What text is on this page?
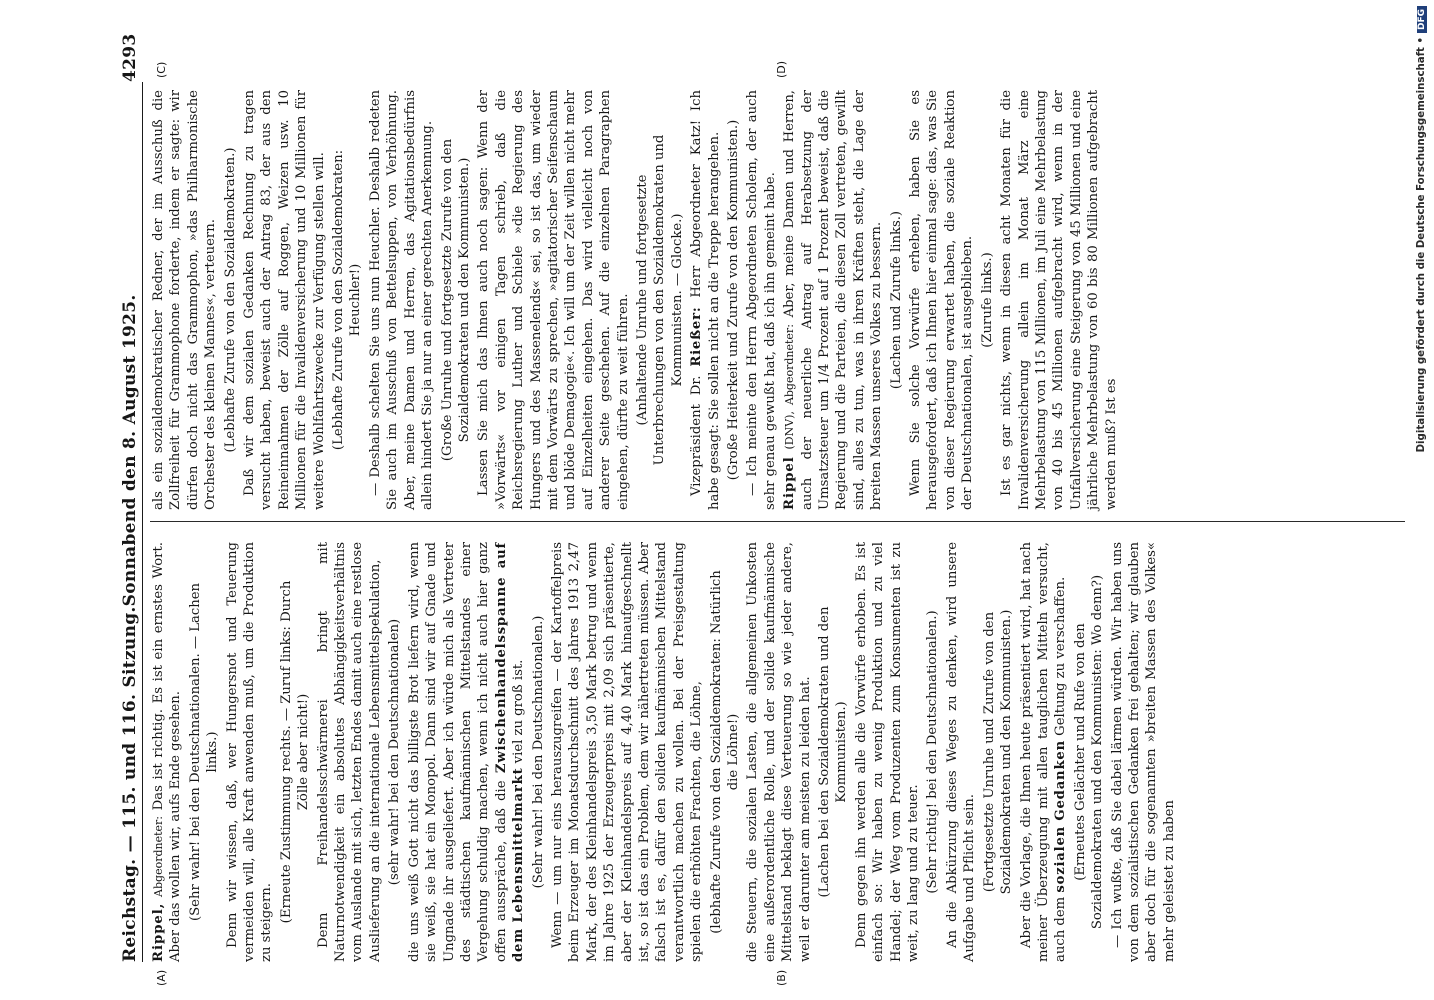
Reichstag. — 115. und 116. Sitzung.
Sonnabend den 8. August 1925.  4293

Rippel, Abgeordneter: Das ist richtig. Es ist ein ernstes Wort. Aber das wollen wir, aufs Ende gesehen. (Sehr wahr! bei den Deutschnationalen. — Lachen links.) Denn wir wissen, daß, wer Hungersnot und Teuerung vermeiden will, alle Kraft anwenden muß, um die Produktion zu steigern. (Erneute Zustimmung rechts. — Zuruf links: Durch Zölle aber nicht!) Denn Freihandelsschwärmerei bringt mit Naturnotwendigkeit ein absolutes Abhängigkeitsverhältnis vom Auslande mit sich, letzten Endes damit auch eine restlose Auslieferung an die internationale Lebensmittelspekulation, (sehr wahr! bei den Deutschnationalen) die uns weiß Gott nicht das billigste Brot liefern wird, wenn sie weiß, sie hat ein Monopol. Dann sind wir auf Gnade und Ungnade ihr ausgeliefert. Aber ich würde mich als Vertreter des städtischen kaufmännischen Mittelstandes einer Vergehung schuldig machen, wenn ich nicht auch hier ganz offen ausspräche, daß die Zwischenhandelsspanne auf dem Lebensmittelmarkt viel zu groß ist. (Sehr wahr! bei den Deutschnationalen.) Wenn — um nur eins herauszugreifen — der Kartoffelpreis beim Erzeuger im Monatsdurchschnitt des Jahres 1913 2,47 Mark, der des Kleinhandelspreis 3,50 Mark betrug und wenn im Jahre 1925 der Erzeugerpreis mit 2,09 sich präsentierte, aber der Kleinhandelspreis auf 4,40 Mark hinaufgeschnellt ist, so ist das ein Problem, dem wir nähertreten müssen. Aber falsch ist es, dafür den soliden kaufmännischen Mittelstand verantwortlich machen zu wollen. Bei der Preisgestaltung spielen die erhöhten Frachten, die Löhne, (lebhafte Zurufe von den Sozialdemokraten: Natürlich die Löhne!) die Steuern, die sozialen Lasten, die allgemeinen Unkosten eine außerordentliche Rolle, und der solide kaufmännische Mittelstand beklagt diese Verteuerung so wie jeder andere, weil er darunter am meisten zu leiden hat. (Lachen bei den Sozialdemokraten und den Kommunisten.) Denn gegen ihn werden alle die Vorwürfe erhoben. Es ist einfach so: Wir haben zu wenig Produktion und zu viel Handel; der Weg vom Produzenten zum Konsumenten ist zu weit, zu lang und zu teuer. (Sehr richtig! bei den Deutschnationalen.) An die Abkürzung dieses Weges zu denken, wird unsere Aufgabe und Pflicht sein. (Fortgesetzte Unruhe und Zurufe von den Sozialdemokraten und den Kommunisten.) Aber die Vorlage, die Ihnen heute präsentiert wird, hat nach meiner Überzeugung mit allen tauglichen Mitteln versucht, auch dem sozialen Gedanken Geltung zu verschaffen. (Erneutes Gelächter und Rufe von den Sozialdemokraten und den Kommunisten: Wo denn?) — Ich wußte, daß Sie dabei lärmen würden. Wir haben uns von dem sozialistischen Gedanken frei gehalten; wir glauben aber doch für die sogenannten »breiten Massen des Volkes« mehr geleistet zu haben

als ein sozialdemokratischer Redner, der im Ausschuß die Zollfreiheit für Grammophone forderte, indem er sagte: wir dürfen doch nicht das Grammophon, »das Philharmonische Orchester des kleinen Mannes«, verteuern. (Lebhafte Zurufe von den Sozialdemokraten.) Daß wir dem sozialen Gedanken Rechnung zu tragen versucht haben, beweist auch der Antrag 83, der aus den Reineinnahmen der Zölle auf Roggen, Weizen usw. 10 Millionen für die Invalidenversicherung und 10 Millionen für weitere Wohlfahrtszwecke zur Verfügung stellen will. (Lebhafte Zurufe von den Sozialdemokraten: Heuchler!) — Deshalb schelten Sie uns nun Heuchler. Deshalb redeten Sie auch im Ausschuß von Bettelsuppen, von Verhöhnung. Aber, meine Damen und Herren, das Agitationsbedürfnis allein hindert Sie ja nur an einer gerechten Anerkennung. (Große Unruhe und fortgesetzte Zurufe von den Sozialdemokraten und den Kommunisten.) Lassen Sie mich das Ihnen auch noch sagen: Wenn der »Vorwärts« vor einigen Tagen schrieb, daß die Reichsregierung Luther und Schiele »die Regierung des Hungers und des Massenelends« sei, so ist das, um wieder mit dem Vorwärts zu sprechen, »agitatorischer Seifenschaum und blöde Demagogie«. Ich will um der Zeit willen nicht mehr auf Einzelheiten eingehen. Das wird vielleicht noch von anderer Seite geschehen. Auf die einzelnen Paragraphen eingehen, dürfte zu weit führen. (Anhaltende Unruhe und fortgesetzte Unterbrechungen von den Sozialdemokraten und Kommunisten. — Glocke.)

Vizepräsident Dr. Rießer: Herr Abgeordneter Katz! Ich habe gesagt: Sie sollen nicht an die Treppe herangehen. (Große Heiterkeit und Zurufe von den Kommunisten.) — Ich meinte den Herrn Abgeordneten Scholem, der auch sehr genau gewußt hat, daß ich ihn gemeint habe. Rippel (DNV), Abgeordneter: Aber, meine Damen und Herren, auch der neuerliche Antrag auf Herabsetzung der Umsatzsteuer um 1/4 Prozent auf 1 Prozent beweist, daß die Regierung und die Parteien, die diesen Zoll vertreten, gewillt sind, alles zu tun, was in ihren Kräften steht, die Lage der breiten Massen unseres Volkes zu bessern. (Lachen und Zurufe links.) Wenn Sie solche Vorwürfe erheben, haben Sie es herausgefordert, daß ich Ihnen hier einmal sage: das, was Sie von dieser Regierung erwartet haben, die soziale Reaktion der Deutschnationalen, ist ausgeblieben. (Zurufe links.) Ist es gar nichts, wenn in diesen acht Monaten für die Invalidenversicherung allein im Monat März eine Mehrbelastung von 115 Millionen, im Juli eine Mehrbelastung von 40 bis 45 Millionen aufgebracht wird, wenn in der Unfallversicherung eine Steigerung von 45 Millionen und eine jährliche Mehrbelastung von 60 bis 80 Millionen aufgebracht werden muß? Ist es

(A)	(B)
(C)	(D)	Digitalisierung gefördert durch die Deutsche Forschungsgemeinschaft •DFG
